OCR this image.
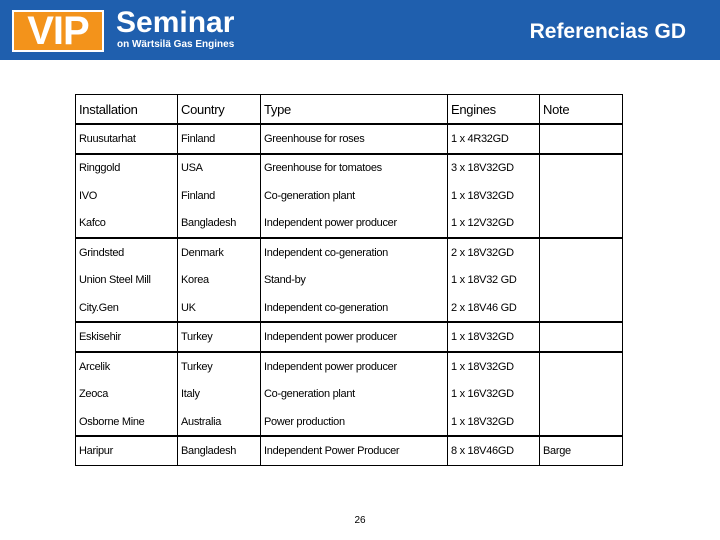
VIP Seminar
on Wärtsilä Gas Engines
Referencias GD
Installation	Country	Type	Engines	Note
Ruusutarhat	Finland	Greenhouse for roses	1 x 4R32GD	
Ringgold	USA	Greenhouse for tomatoes	3 x 18V32GD	
IVO	Finland	Co-generation plant	1 x 18V32GD	
Kafco	Bangladesh	Independent power producer	1 x 12V32GD	
Grindsted	Denmark	Independent co-generation	2 x 18V32GD	
Union Steel Mill	Korea	Stand-by	1 x 18V32 GD	
City.Gen	UK	Independent co-generation	2 x 18V46 GD	
Eskisehir	Turkey	Independent power producer	1 x 18V32GD	
Arcelik	Turkey	Independent power producer	1 x 18V32GD	
Zeoca	Italy	Co-generation plant	1 x 16V32GD	
Osborne Mine	Australia	Power production	1 x 18V32GD	
Haripur	Bangladesh	Independent Power Producer	8 x 18V46GD	Barge
26
